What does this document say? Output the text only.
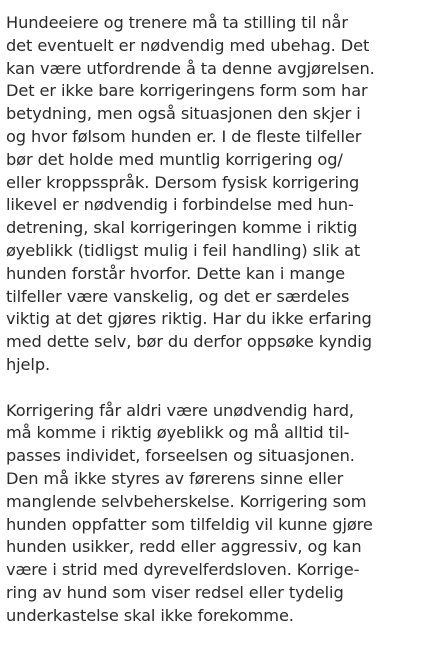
Hundeeiere og trenere må ta stilling til når
det eventuelt er nødvendig med ubehag. Det
kan være utfordrende å ta denne avgjørelsen.
Det er ikke bare korrigeringens form som har
betydning, men også situasjonen den skjer i
og hvor følsom hunden er. I de fleste tilfeller
bør det holde med muntlig korrigering og/
eller kroppsspråk. Dersom fysisk korrigering
likevel er nødvendig i forbindelse med hun-
detrening, skal korrigeringen komme i riktig
øyeblikk (tidligst mulig i feil handling) slik at
hunden forstår hvorfor. Dette kan i mange
tilfeller være vanskelig, og det er særdeles
viktig at det gjøres riktig. Har du ikke erfaring
med dette selv, bør du derfor oppsøke kyndig
hjelp.

Korrigering får aldri være unødvendig hard,
må komme i riktig øyeblikk og må alltid til-
passes individet, forseelsen og situasjonen.
Den må ikke styres av førerens sinne eller
manglende selvbeherskelse. Korrigering som
hunden oppfatter som tilfeldig vil kunne gjøre
hunden usikker, redd eller aggressiv, og kan
være i strid med dyrevelferdsloven. Korrige-
ring av hund som viser redsel eller tydelig
underkastelse skal ikke forekomme.
